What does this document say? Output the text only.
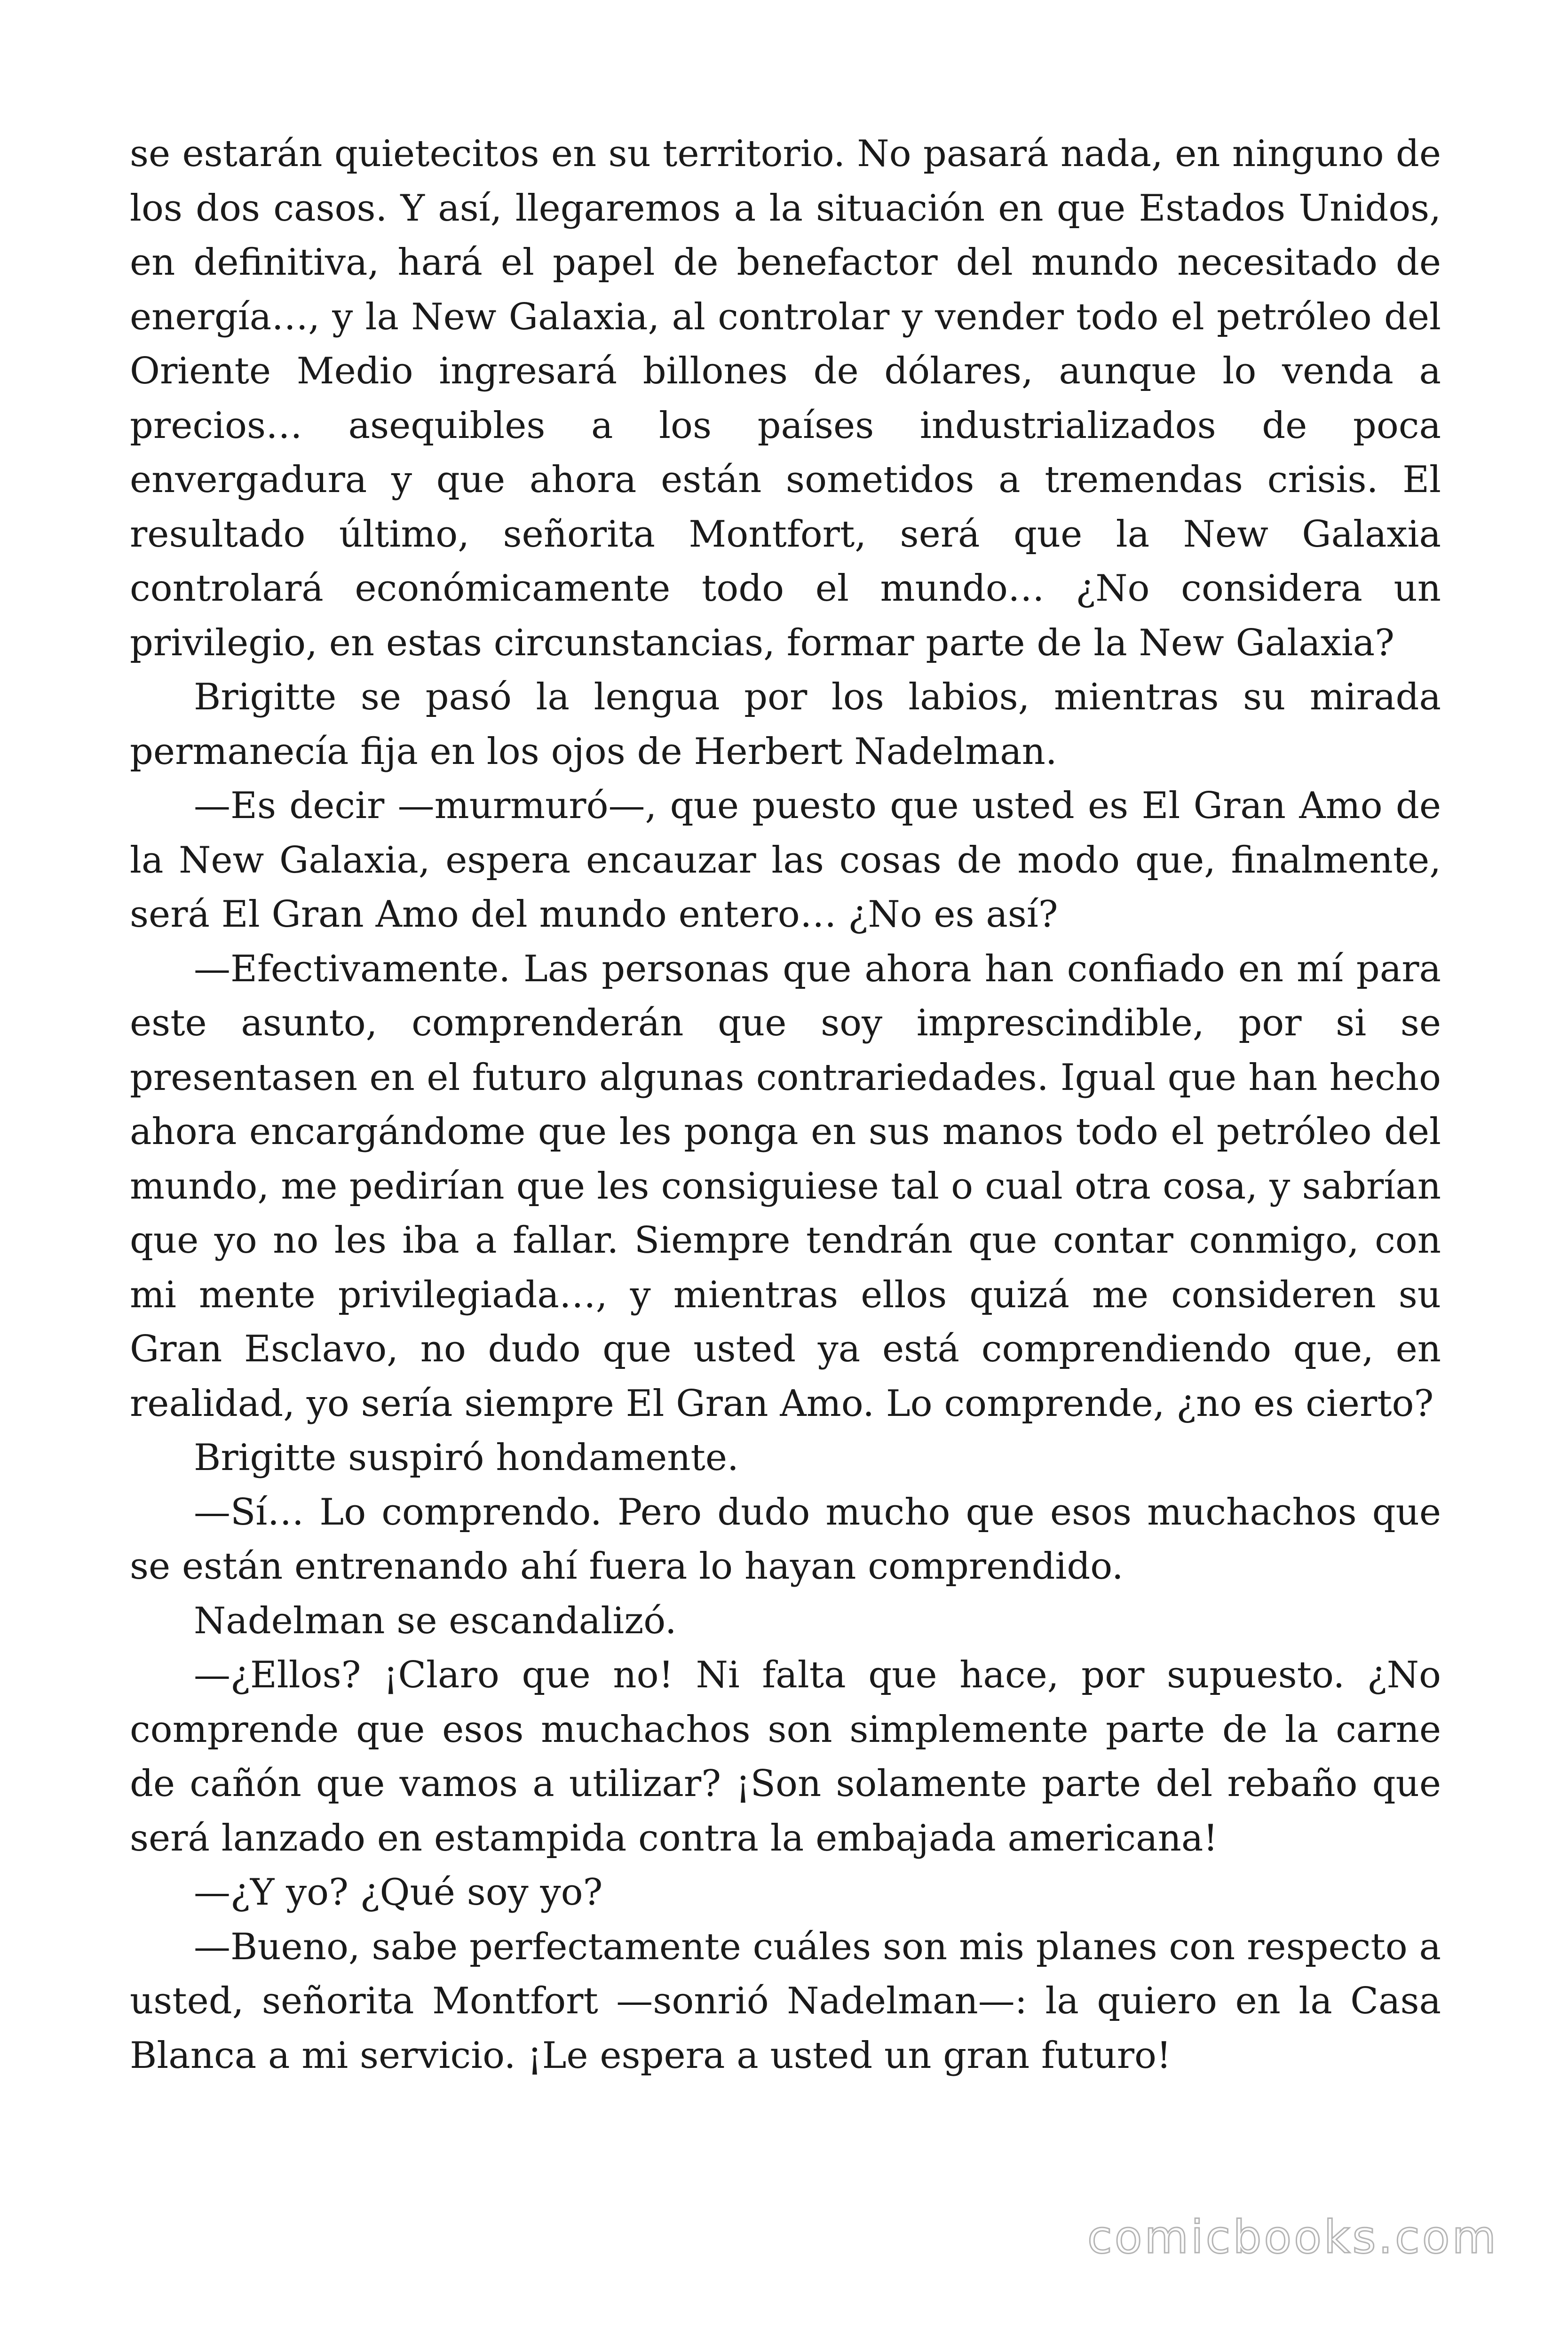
se estarán quietecitos en su territorio. No pasará nada, en ninguno de los dos casos. Y así, llegaremos a la situación en que Estados Unidos, en definitiva, hará el papel de benefactor del mundo necesitado de energía…, y la New Galaxia, al controlar y vender todo el petróleo del Oriente Medio ingresará billones de dólares, aunque lo venda a precios… asequibles a los países industrializados de poca envergadura y que ahora están sometidos a tremendas crisis. El resultado último, señorita Montfort, será que la New Galaxia controlará económicamente todo el mundo… ¿No considera un privilegio, en estas circunstancias, formar parte de la New Galaxia?

Brigitte se pasó la lengua por los labios, mientras su mirada permanecía fija en los ojos de Herbert Nadelman.

—Es decir —murmuró—, que puesto que usted es El Gran Amo de la New Galaxia, espera encauzar las cosas de modo que, finalmente, será El Gran Amo del mundo entero… ¿No es así?

—Efectivamente. Las personas que ahora han confiado en mí para este asunto, comprenderán que soy imprescindible, por si se presentasen en el futuro algunas contrariedades. Igual que han hecho ahora encargándome que les ponga en sus manos todo el petróleo del mundo, me pedirían que les consiguiese tal o cual otra cosa, y sabrían que yo no les iba a fallar. Siempre tendrán que contar conmigo, con mi mente privilegiada…, y mientras ellos quizá me consideren su Gran Esclavo, no dudo que usted ya está comprendiendo que, en realidad, yo sería siempre El Gran Amo. Lo comprende, ¿no es cierto?

Brigitte suspiró hondamente.

—Sí… Lo comprendo. Pero dudo mucho que esos muchachos que se están entrenando ahí fuera lo hayan comprendido.

Nadelman se escandalizó.

—¿Ellos? ¡Claro que no! Ni falta que hace, por supuesto. ¿No comprende que esos muchachos son simplemente parte de la carne de cañón que vamos a utilizar? ¡Son solamente parte del rebaño que será lanzado en estampida contra la embajada americana!

—¿Y yo? ¿Qué soy yo?

—Bueno, sabe perfectamente cuáles son mis planes con respecto a usted, señorita Montfort —sonrió Nadelman—: la quiero en la Casa Blanca a mi servicio. ¡Le espera a usted un gran futuro!

comicbooks.com
